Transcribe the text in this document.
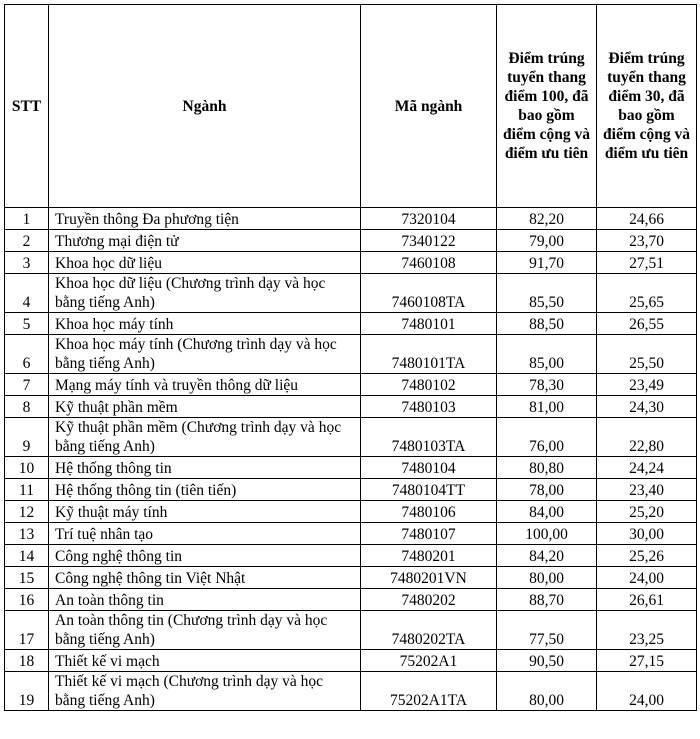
STT	Ngành	Mã ngành	Điểm trúng tuyển thang điểm 100, đã bao gồm điểm cộng và điểm ưu tiên	Điểm trúng tuyển thang điểm 30, đã bao gồm điểm cộng và điểm ưu tiên
1	Truyền thông Đa phương tiện	7320104	82,20	24,66
2	Thương mại điện tử	7340122	79,00	23,70
3	Khoa học dữ liệu	7460108	91,70	27,51
4	Khoa học dữ liệu (Chương trình dạy và học bằng tiếng Anh)	7460108TA	85,50	25,65
5	Khoa học máy tính	7480101	88,50	26,55
6	Khoa học máy tính (Chương trình dạy và học bằng tiếng Anh)	7480101TA	85,00	25,50
7	Mạng máy tính và truyền thông dữ liệu	7480102	78,30	23,49
8	Kỹ thuật phần mềm	7480103	81,00	24,30
9	Kỹ thuật phần mềm (Chương trình dạy và học bằng tiếng Anh)	7480103TA	76,00	22,80
10	Hệ thống thông tin	7480104	80,80	24,24
11	Hệ thống thông tin (tiên tiến)	7480104TT	78,00	23,40
12	Kỹ thuật máy tính	7480106	84,00	25,20
13	Trí tuệ nhân tạo	7480107	100,00	30,00
14	Công nghệ thông tin	7480201	84,20	25,26
15	Công nghệ thông tin Việt Nhật	7480201VN	80,00	24,00
16	An toàn thông tin	7480202	88,70	26,61
17	An toàn thông tin (Chương trình dạy và học bằng tiếng Anh)	7480202TA	77,50	23,25
18	Thiết kế vi mạch	75202A1	90,50	27,15
19	Thiết kế vi mạch (Chương trình dạy và học bằng tiếng Anh)	75202A1TA	80,00	24,00
